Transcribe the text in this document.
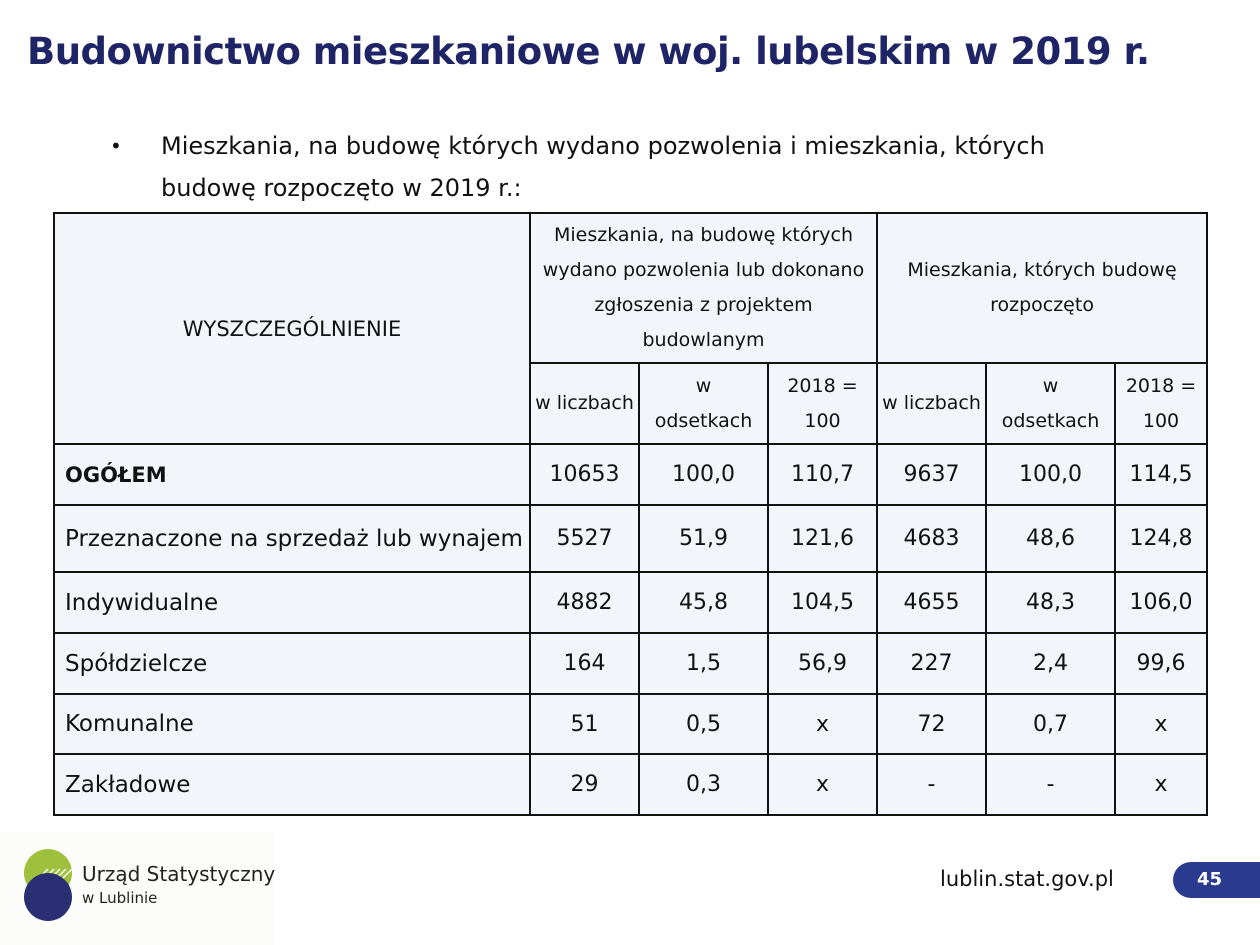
Budownictwo mieszkaniowe w woj. lubelskim w 2019 r.
• Mieszkania, na budowę których wydano pozwolenia i mieszkania, których budowę rozpoczęto w 2019 r.:
WYSZCZEGÓLNIENIE	Mieszkania, na budowę których wydano pozwolenia lub dokonano zgłoszenia z projektem budowlanym			Mieszkania, których budowę rozpoczęto		
	w liczbach	w odsetkach	2018 = 100	w liczbach	w odsetkach	2018 = 100
OGÓŁEM	10653	100,0	110,7	9637	100,0	114,5
Przeznaczone na sprzedaż lub wynajem	5527	51,9	121,6	4683	48,6	124,8
Indywidualne	4882	45,8	104,5	4655	48,3	106,0
Spółdzielcze	164	1,5	56,9	227	2,4	99,6
Komunalne	51	0,5	x	72	0,7	x
Zakładowe	29	0,3	x	-	-	x
Urząd Statystyczny
w Lublinie
lublin.stat.gov.pl	45
